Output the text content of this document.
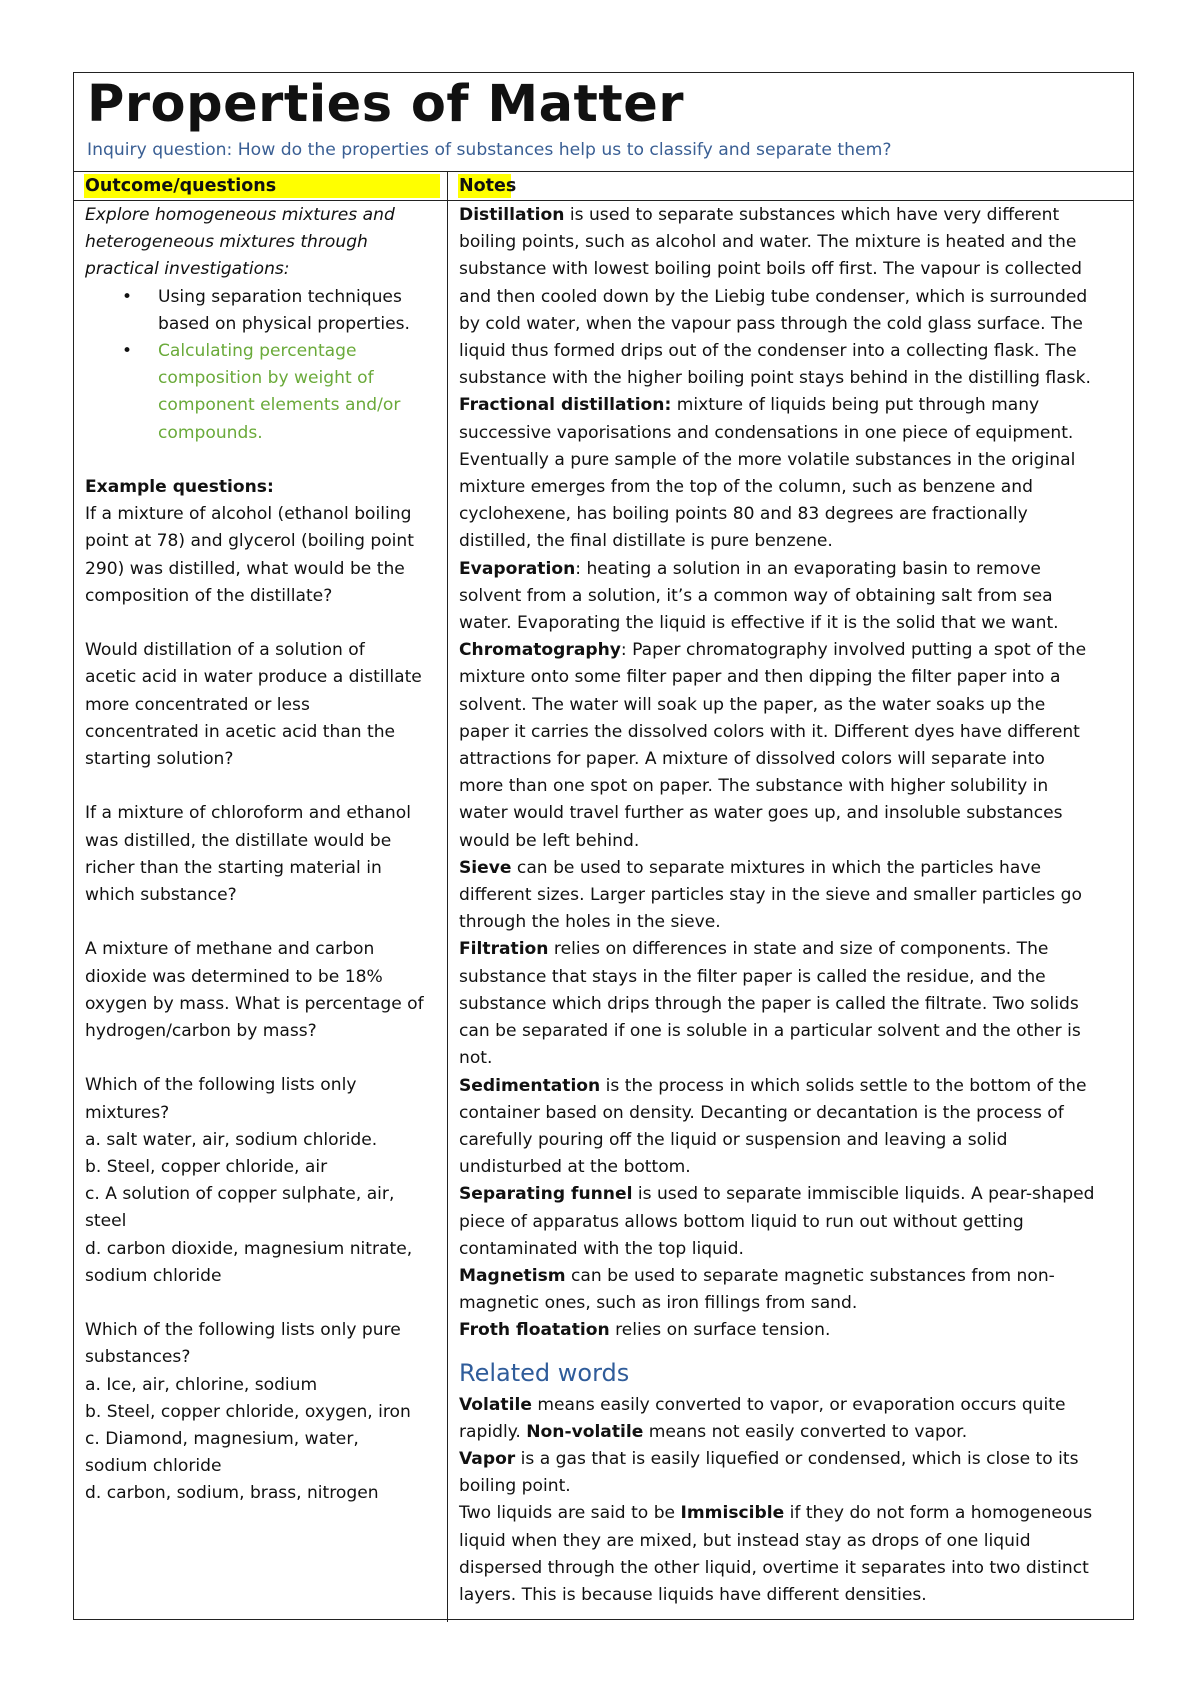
Properties of Matter
Inquiry question: How do the properties of substances help us to classify and separate them?
Outcome/questions	Notes

Explore homogeneous mixtures and

heterogeneous mixtures through

practical investigations:

• Using separation techniques

based on physical properties.

• Calculating percentage

composition by weight of

component elements and/or

compounds.

Example questions:

If a mixture of alcohol (ethanol boiling

point at 78) and glycerol (boiling point

290) was distilled, what would be the

composition of the distillate?

Would distillation of a solution of

acetic acid in water produce a distillate

more concentrated or less

concentrated in acetic acid than the

starting solution?

If a mixture of chloroform and ethanol

was distilled, the distillate would be

richer than the starting material in

which substance?

A mixture of methane and carbon

dioxide was determined to be 18%

oxygen by mass. What is percentage of

hydrogen/carbon by mass?

Which of the following lists only

mixtures?

a. salt water, air, sodium chloride.

b. Steel, copper chloride, air

c. A solution of copper sulphate, air,

steel

d. carbon dioxide, magnesium nitrate,

sodium chloride

Which of the following lists only pure

substances?

a. Ice, air, chlorine, sodium

b. Steel, copper chloride, oxygen, iron

c. Diamond, magnesium, water,

sodium chloride

d. carbon, sodium, brass, nitrogen

Distillation is used to separate substances which have very different

boiling points, such as alcohol and water. The mixture is heated and the

substance with lowest boiling point boils off first. The vapour is collected

and then cooled down by the Liebig tube condenser, which is surrounded

by cold water, when the vapour pass through the cold glass surface. The

liquid thus formed drips out of the condenser into a collecting flask. The

substance with the higher boiling point stays behind in the distilling flask.

Fractional distillation: mixture of liquids being put through many

successive vaporisations and condensations in one piece of equipment.

Eventually a pure sample of the more volatile substances in the original

mixture emerges from the top of the column, such as benzene and

cyclohexene, has boiling points 80 and 83 degrees are fractionally

distilled, the final distillate is pure benzene.

Evaporation: heating a solution in an evaporating basin to remove

solvent from a solution, it’s a common way of obtaining salt from sea

water. Evaporating the liquid is effective if it is the solid that we want.

Chromatography: Paper chromatography involved putting a spot of the

mixture onto some filter paper and then dipping the filter paper into a

solvent. The water will soak up the paper, as the water soaks up the

paper it carries the dissolved colors with it. Different dyes have different

attractions for paper. A mixture of dissolved colors will separate into

more than one spot on paper. The substance with higher solubility in

water would travel further as water goes up, and insoluble substances

would be left behind.

Sieve can be used to separate mixtures in which the particles have

different sizes. Larger particles stay in the sieve and smaller particles go

through the holes in the sieve.

Filtration relies on differences in state and size of components. The

substance that stays in the filter paper is called the residue, and the

substance which drips through the paper is called the filtrate. Two solids

can be separated if one is soluble in a particular solvent and the other is

not.

Sedimentation is the process in which solids settle to the bottom of the

container based on density. Decanting or decantation is the process of

carefully pouring off the liquid or suspension and leaving a solid

undisturbed at the bottom.

Separating funnel is used to separate immiscible liquids. A pear-shaped

piece of apparatus allows bottom liquid to run out without getting

contaminated with the top liquid.

Magnetism can be used to separate magnetic substances from non-

magnetic ones, such as iron fillings from sand.

Froth floatation relies on surface tension.

Related words

Volatile means easily converted to vapor, or evaporation occurs quite

rapidly. Non-volatile means not easily converted to vapor.

Vapor is a gas that is easily liquefied or condensed, which is close to its

boiling point.

Two liquids are said to be Immiscible if they do not form a homogeneous

liquid when they are mixed, but instead stay as drops of one liquid

dispersed through the other liquid, overtime it separates into two distinct

layers. This is because liquids have different densities.
